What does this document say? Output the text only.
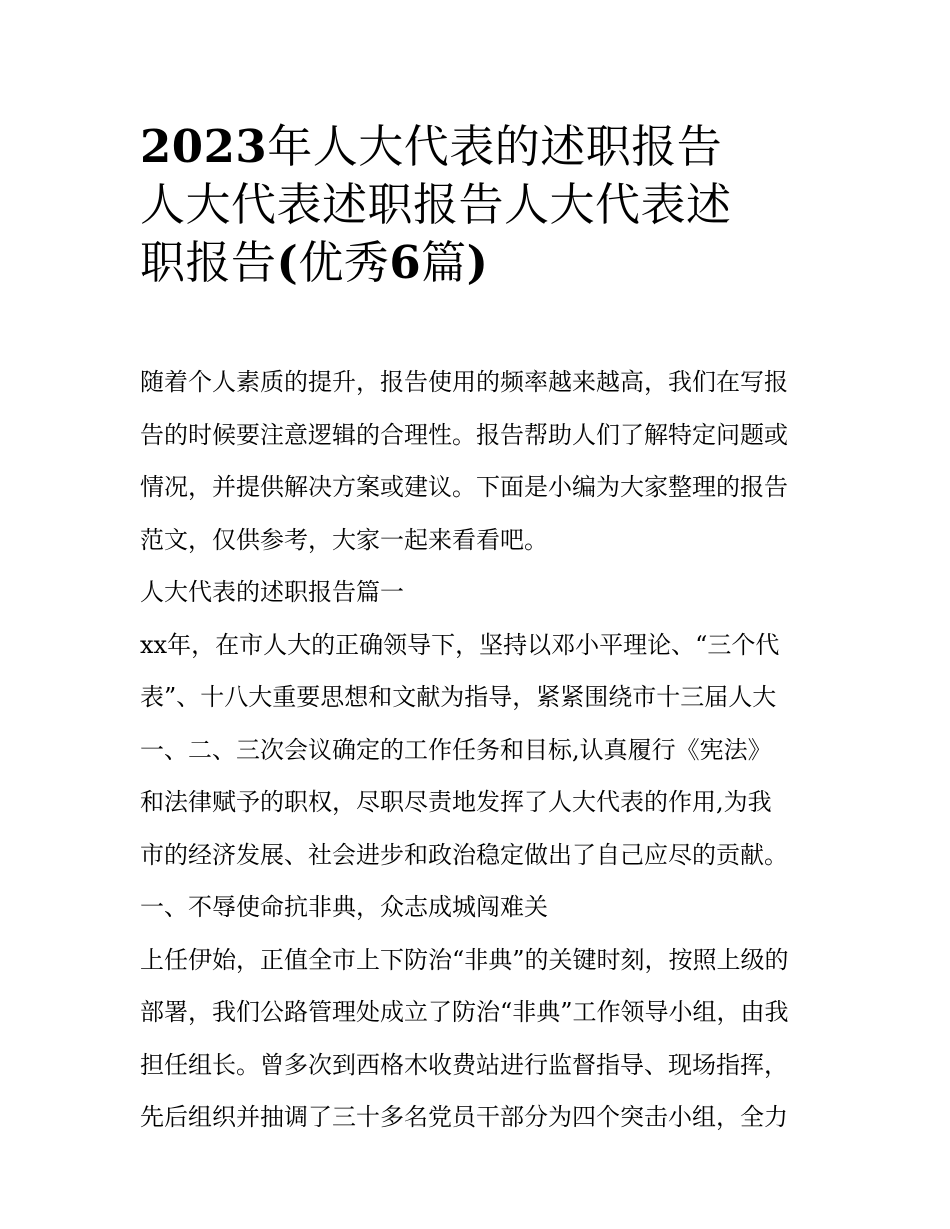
2023年人大代表的述职报告
人大代表述职报告人大代表述
职报告(优秀6篇)
随着个人素质的提升，报告使用的频率越来越高，我们在写报
告的时候要注意逻辑的合理性。报告帮助人们了解特定问题或
情况，并提供解决方案或建议。下面是小编为大家整理的报告
范文，仅供参考，大家一起来看看吧。
人大代表的述职报告篇一
xx年，在市人大的正确领导下，坚持以邓小平理论、“三个代
表”、十八大重要思想和文献为指导，紧紧围绕市十三届人大
一、二、三次会议确定的工作任务和目标,认真履行《宪法》
和法律赋予的职权，尽职尽责地发挥了人大代表的作用,为我
市的经济发展、社会进步和政治稳定做出了自己应尽的贡献。
一、不辱使命抗非典，众志成城闯难关
上任伊始，正值全市上下防治“非典”的关键时刻，按照上级的
部署，我们公路管理处成立了防治“非典”工作领导小组，由我
担任组长。曾多次到西格木收费站进行监督指导、现场指挥，
先后组织并抽调了三十多名党员干部分为四个突击小组，全力
